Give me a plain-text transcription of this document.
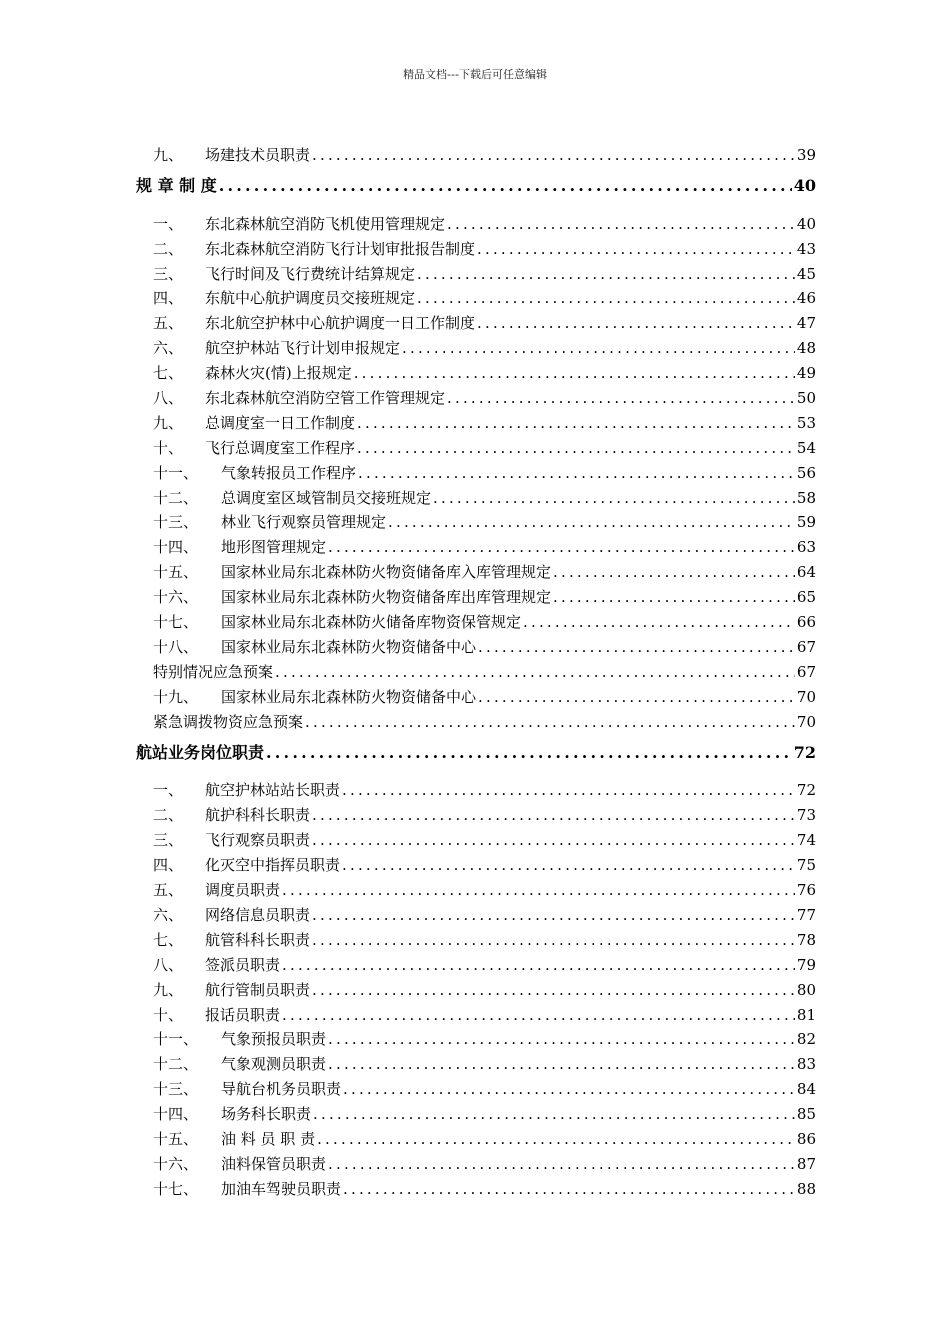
精品文档---下载后可任意编辑
九、	场建技术员职责 .....	39
规 章 制 度 .....	40
一、	东北森林航空消防飞机使用管理规定 .....	40
二、	东北森林航空消防飞行计划审批报告制度 .....	43
三、	飞行时间及飞行费统计结算规定 .....	45
四、	东航中心航护调度员交接班规定 .....	46
五、	东北航空护林中心航护调度一日工作制度 .....	47
六、	航空护林站飞行计划申报规定 .....	48
七、	森林火灾(情)上报规定 .....	49
八、	东北森林航空消防空管工作管理规定 .....	50
九、	总调度室一日工作制度 .....	53
十、	飞行总调度室工作程序 .....	54
十一、	气象转报员工作程序 .....	56
十二、	总调度室区域管制员交接班规定 .....	58
十三、	林业飞行观察员管理规定 .....	59
十四、	地形图管理规定 .....	63
十五、	国家林业局东北森林防火物资储备库入库管理规定 .....	64
十六、	国家林业局东北森林防火物资储备库出库管理规定 .....	65
十七、	国家林业局东北森林防火储备库物资保管规定 .....	66
十八、	国家林业局东北森林防火物资储备中心 .....	67
特别情况应急预案 .....	67
十九、	国家林业局东北森林防火物资储备中心 .....	70
紧急调拨物资应急预案 .....	70
航站业务岗位职责 .....	72
一、	航空护林站站长职责 .....	72
二、	航护科科长职责 .....	73
三、	飞行观察员职责 .....	74
四、	化灭空中指挥员职责 .....	75
五、	调度员职责 .....	76
六、	网络信息员职责 .....	77
七、	航管科科长职责 .....	78
八、	签派员职责 .....	79
九、	航行管制员职责 .....	80
十、	报话员职责 .....	81
十一、	气象预报员职责 .....	82
十二、	气象观测员职责 .....	83
十三、	导航台机务员职责 .....	84
十四、	场务科长职责 .....	85
十五、	油 料 员 职 责 .....	86
十六、	油料保管员职责 .....	87
十七、	加油车驾驶员职责 .....	88
